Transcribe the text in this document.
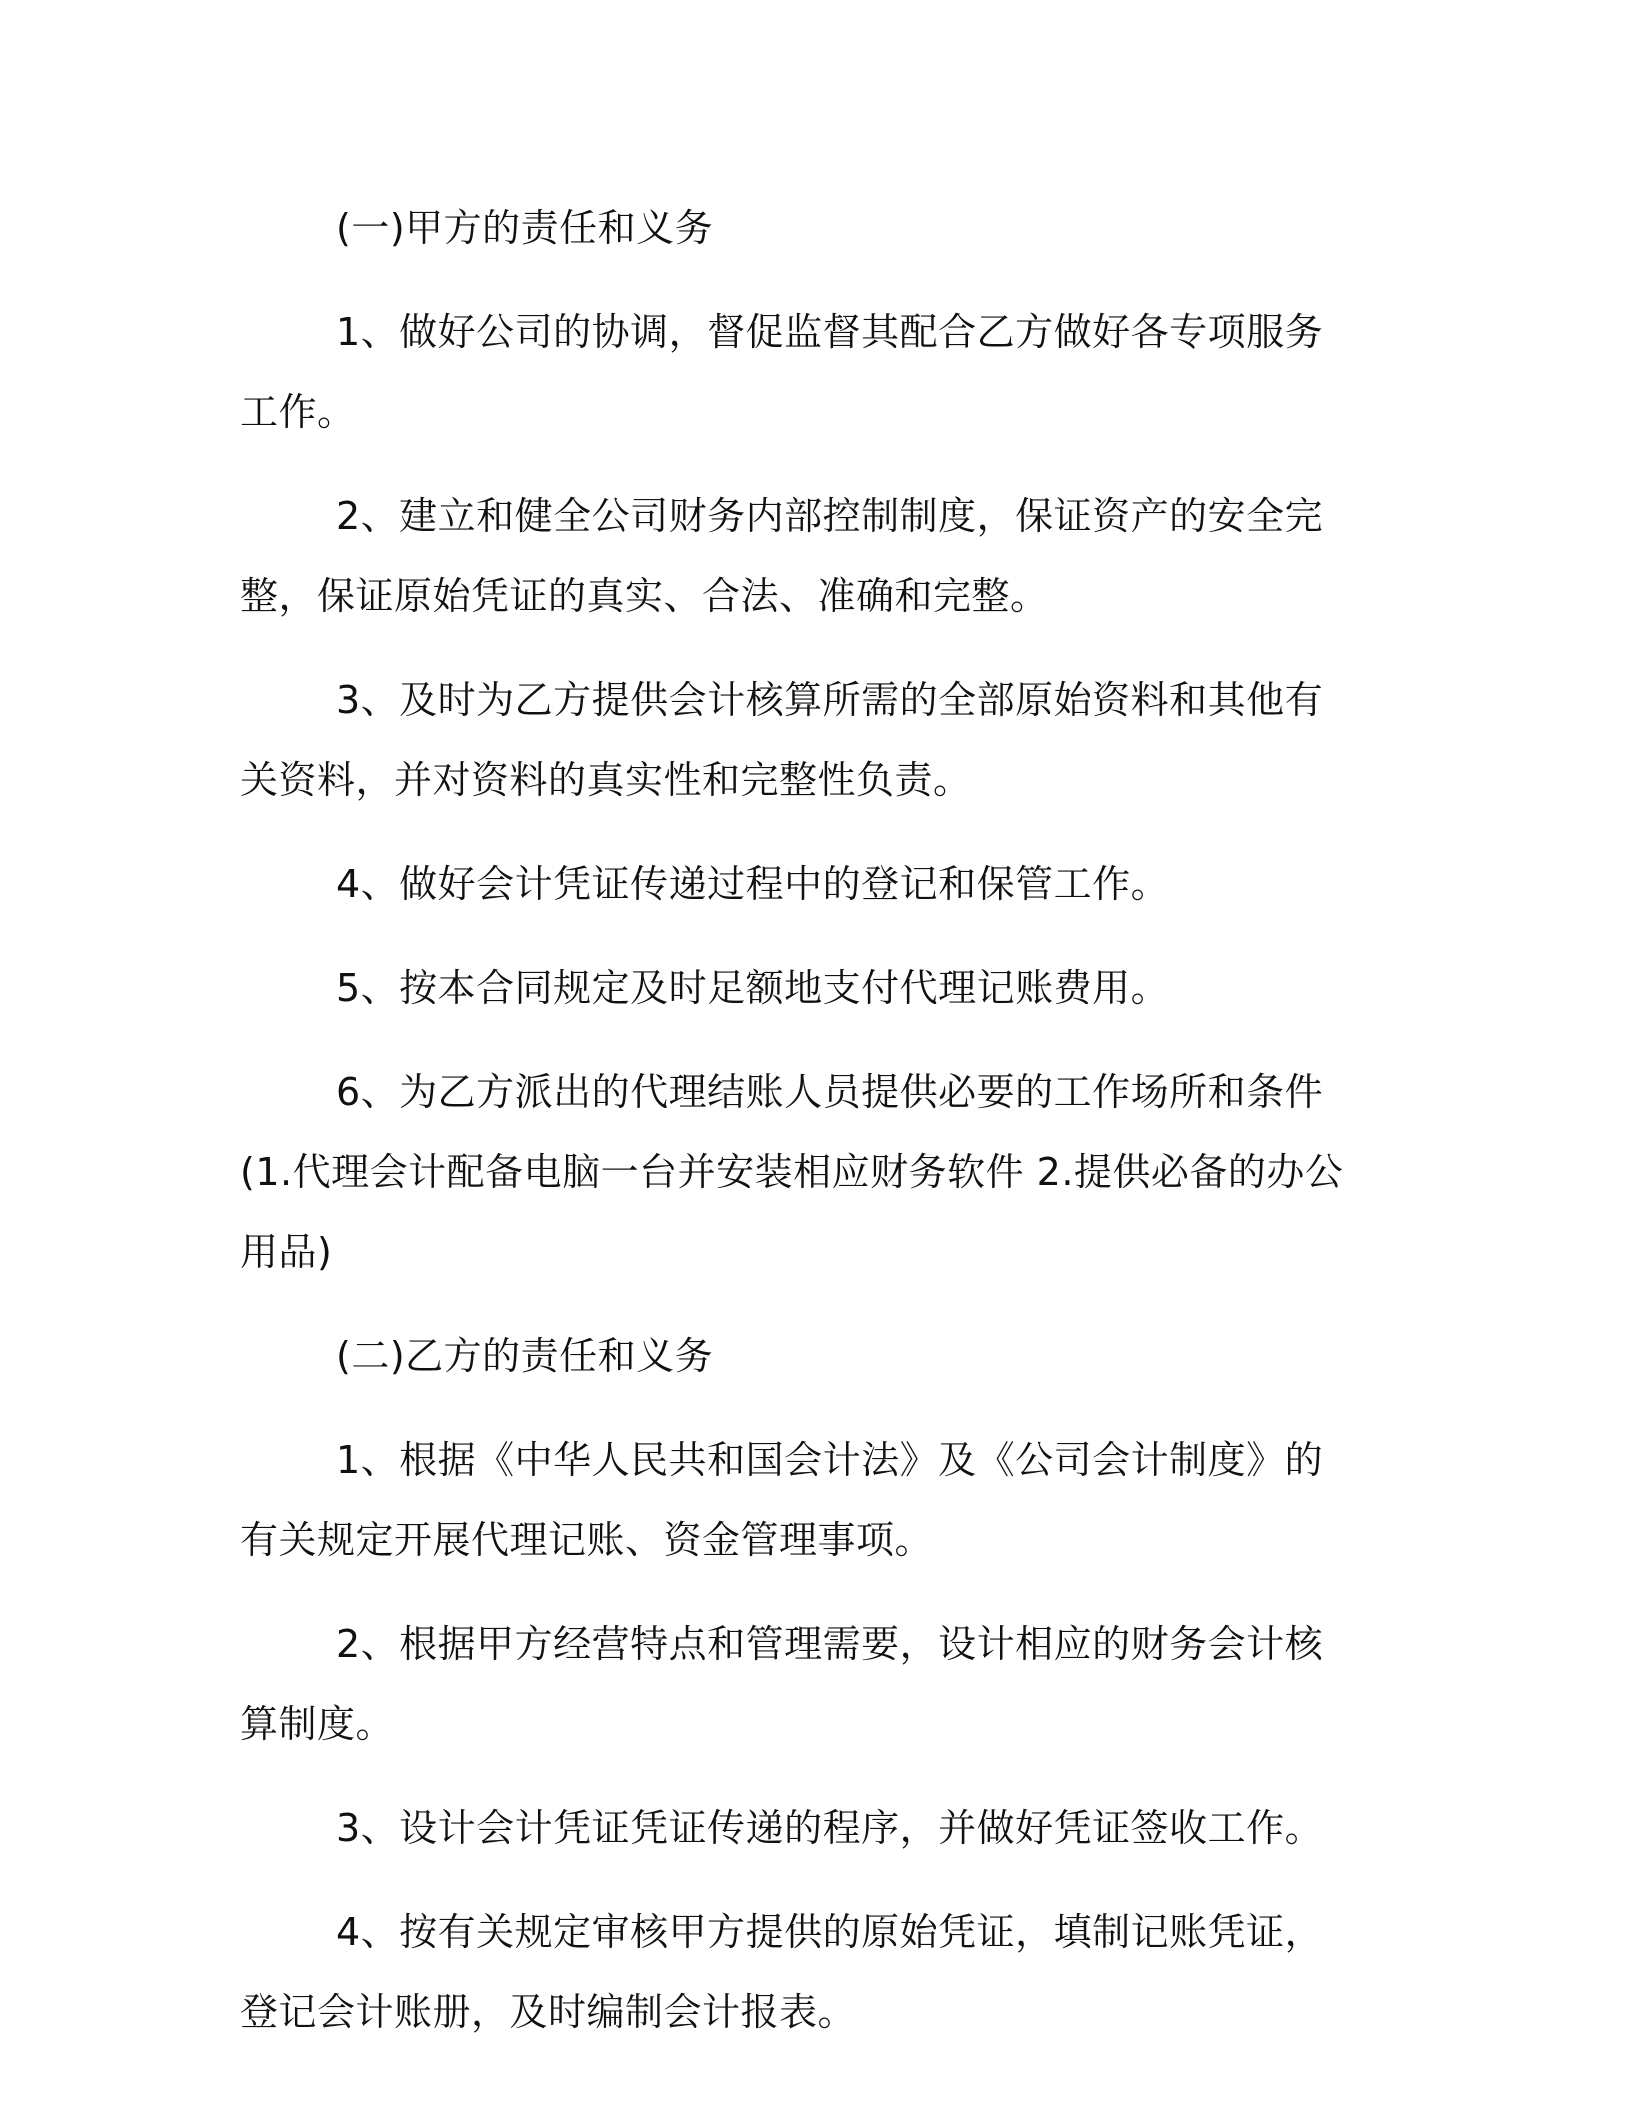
(一)甲方的责任和义务

1、做好公司的协调，督促监督其配合乙方做好各专项服务工作。

2、建立和健全公司财务内部控制制度，保证资产的安全完整，保证原始凭证的真实、合法、准确和完整。

3、及时为乙方提供会计核算所需的全部原始资料和其他有关资料，并对资料的真实性和完整性负责。

4、做好会计凭证传递过程中的登记和保管工作。

5、按本合同规定及时足额地支付代理记账费用。

6、为乙方派出的代理结账人员提供必要的工作场所和条件(1.代理会计配备电脑一台并安装相应财务软件 2.提供必备的办公用品)

(二)乙方的责任和义务

1、根据《中华人民共和国会计法》及《公司会计制度》的有关规定开展代理记账、资金管理事项。

2、根据甲方经营特点和管理需要，设计相应的财务会计核算制度。

3、设计会计凭证凭证传递的程序，并做好凭证签收工作。

4、按有关规定审核甲方提供的原始凭证，填制记账凭证，登记会计账册，及时编制会计报表。
